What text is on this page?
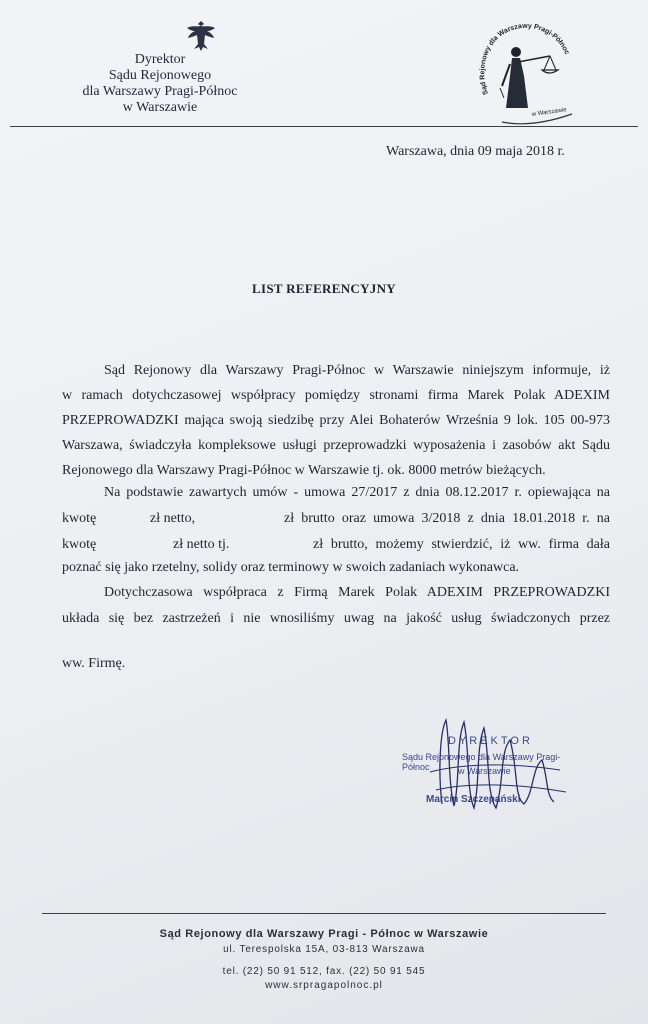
Dyrektor
Sądu Rejonowego
dla Warszawy Pragi-Północ
w Warszawie
Sąd Rejonowy dla Warszawy Pragi-Północ
w Warszawie
Warszawa, dnia 09 maja 2018 r.
LIST REFERENCYJNY
Sąd Rejonowy dla Warszawy Pragi-Północ w Warszawie niniejszym informuje, iż
w ramach dotychczasowej współpracy pomiędzy stronami firma Marek Polak ADEXIM
PRZEPROWADZKI mająca swoją siedzibę przy Alei Bohaterów Września 9 lok. 105 00-973
Warszawa, świadczyła kompleksowe usługi przeprowadzki wyposażenia i zasobów akt Sądu
Rejonowego dla Warszawy Pragi-Północ w Warszawie tj. ok. 8000 metrów bieżących.
Na podstawie zawartych umów - umowa 27/2017 z dnia 08.12.2017 r. opiewająca na
kwotę	zł netto,	zł brutto oraz umowa 3/2018 z dnia 18.01.2018 r. na
kwotę	zł netto tj.	zł brutto, możemy stwierdzić, iż ww. firma dała
poznać się jako rzetelny, solidy oraz terminowy w swoich zadaniach wykonawca.
Dotychczasowa współpraca z Firmą Marek Polak ADEXIM PRZEPROWADZKI
układa się bez zastrzeżeń i nie wnosiliśmy uwag na jakość usług świadczonych przez
ww. Firmę.
DYREKTOR
Sądu Rejonowego dla Warszawy Pragi-Północ	w Warszawie
Marcin Szczepański
Sąd Rejonowy dla Warszawy Pragi - Północ w Warszawie
ul. Terespolska 15A, 03-813 Warszawa
tel. (22) 50 91 512, fax. (22) 50 91 545
www.srpragapolnoc.pl
